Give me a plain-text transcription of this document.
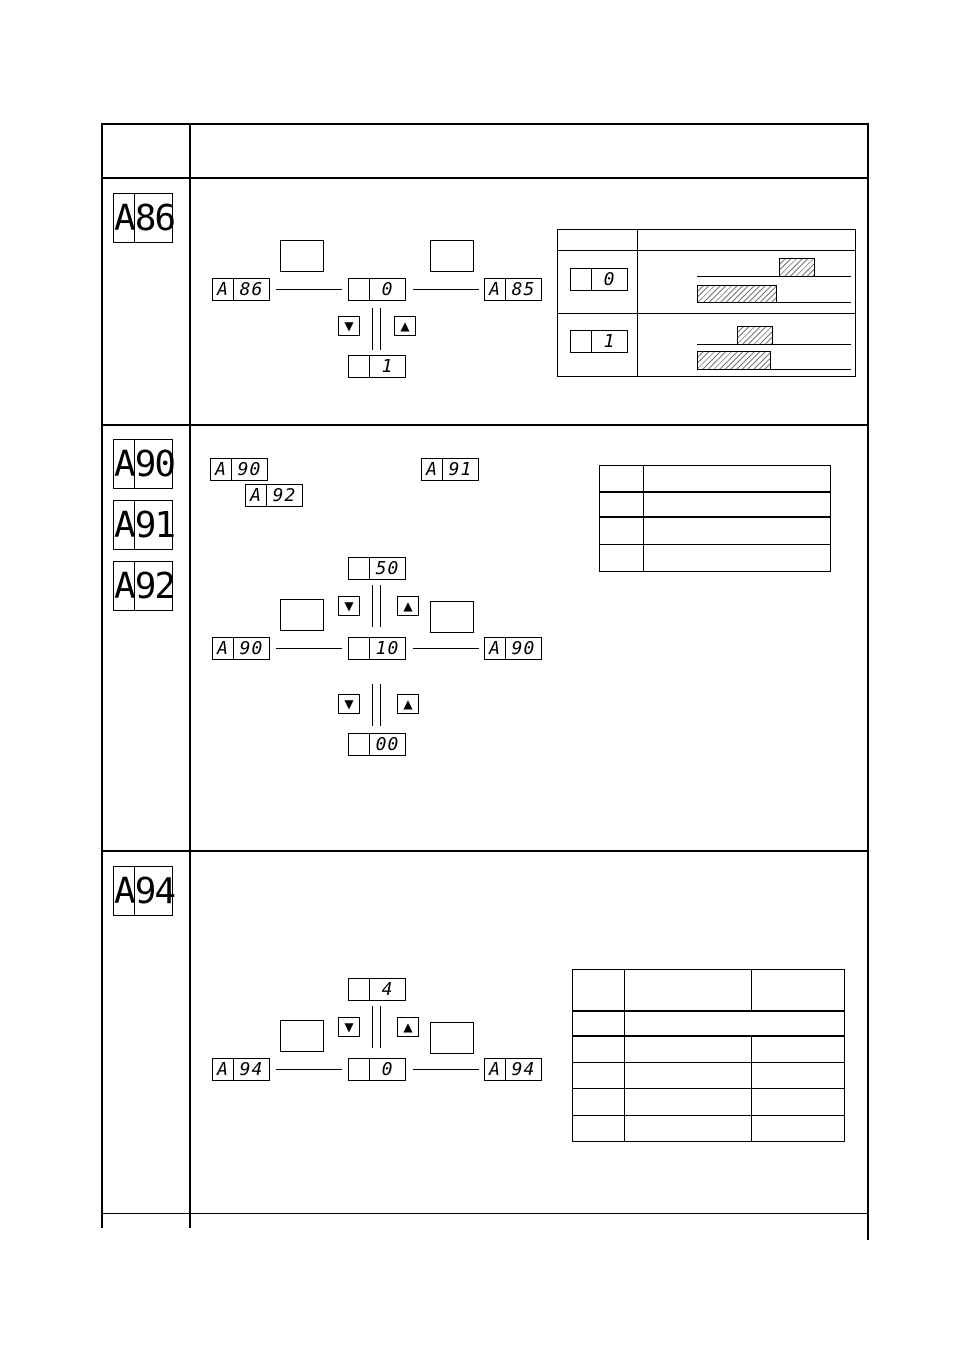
A 86
A 86	0	A 85
▼	▲
1
0
1
A 90
A 91
A 92
A 90	A 91
A 92
50
▼	▲
A 90	10	A 90
▼	▲
00
A 94
4
▼	▲
A 94	0	A 94
